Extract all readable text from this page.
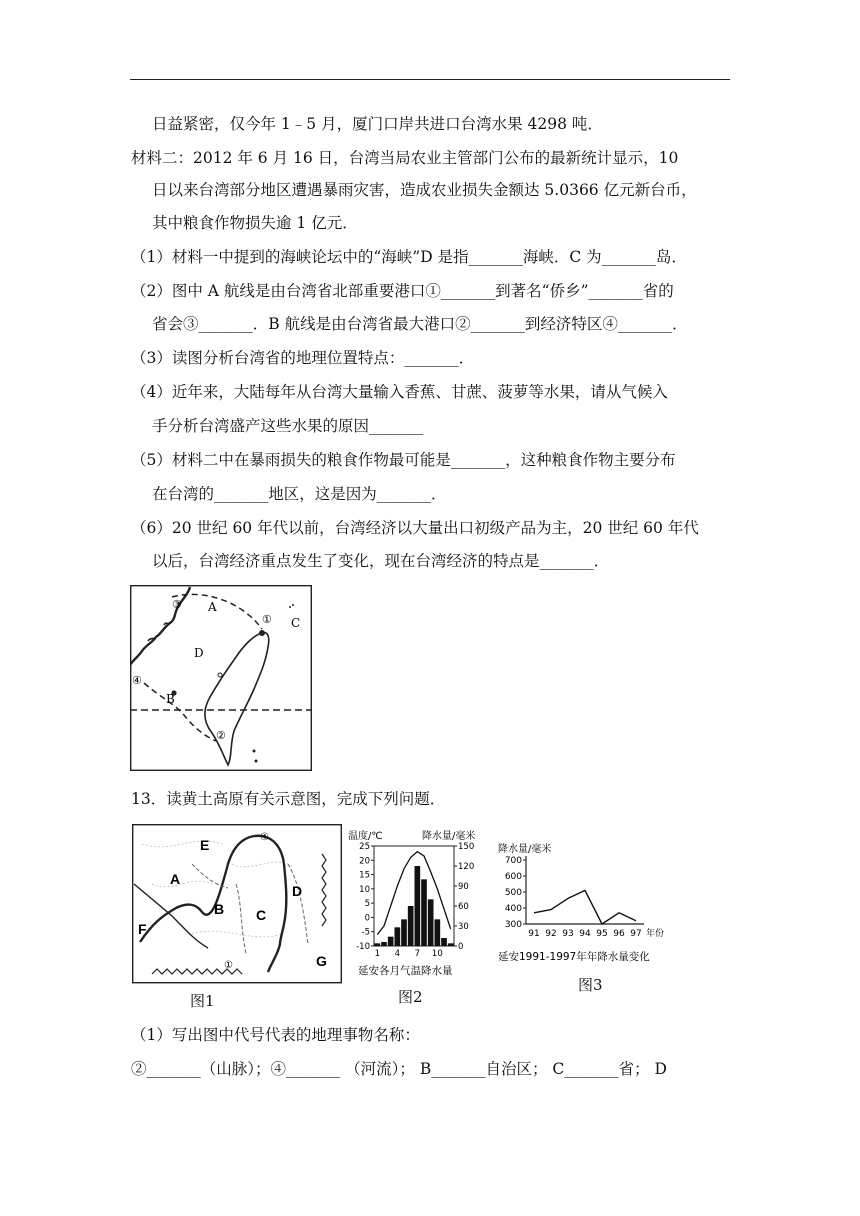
日益紧密，仅今年 1﹣5 月，厦门口岸共进口台湾水果 4298 吨．
材料二：2012 年 6 月 16 日，台湾当局农业主管部门公布的最新统计显示，10
日以来台湾部分地区遭遇暴雨灾害，造成农业损失金额达 5.0366 亿元新台币，
其中粮食作物损失逾 1 亿元．
（1）材料一中提到的海峡论坛中的“海峡”D 是指_______海峡．C 为_______岛．
（2）图中 A 航线是由台湾省北部重要港口①_______到著名“侨乡”_______省的
省会③_______．B 航线是由台湾省最大港口②_______到经济特区④_______．
（3）读图分析台湾省的地理位置特点：_______．
（4）近年来，大陆每年从台湾大量输入香蕉、甘蔗、菠萝等水果，请从气候入
手分析台湾盛产这些水果的原因_______
（5）材料二中在暴雨损失的粮食作物最可能是_______，这种粮食作物主要分布
在台湾的_______地区，这是因为_______．
（6）20 世纪 60 年代以前，台湾经济以大量出口初级产品为主，20 世纪 60 年代
以后，台湾经济重点发生了变化，现在台湾经济的特点是_______．
13．读黄土高原有关示意图，完成下列问题．
（1）写出图中代号代表的地理事物名称：
②_______（山脉）；④_______ （河流）； B_______自治区； C_______省； D
③ A
① C
D
④
B
②
E
A
B C
D
F
G
④
①
图1
温度/℃	降水量/毫米
25
20
15
10
5
0
-5
-10
150
120
90
60
30
0
1 4 7 10
延安各月气温降水量
图2
降水量/毫米
700
600
500
400
300
91 92 93 94 95 96 97 年份
延安1991-1997年年降水量变化
图3
